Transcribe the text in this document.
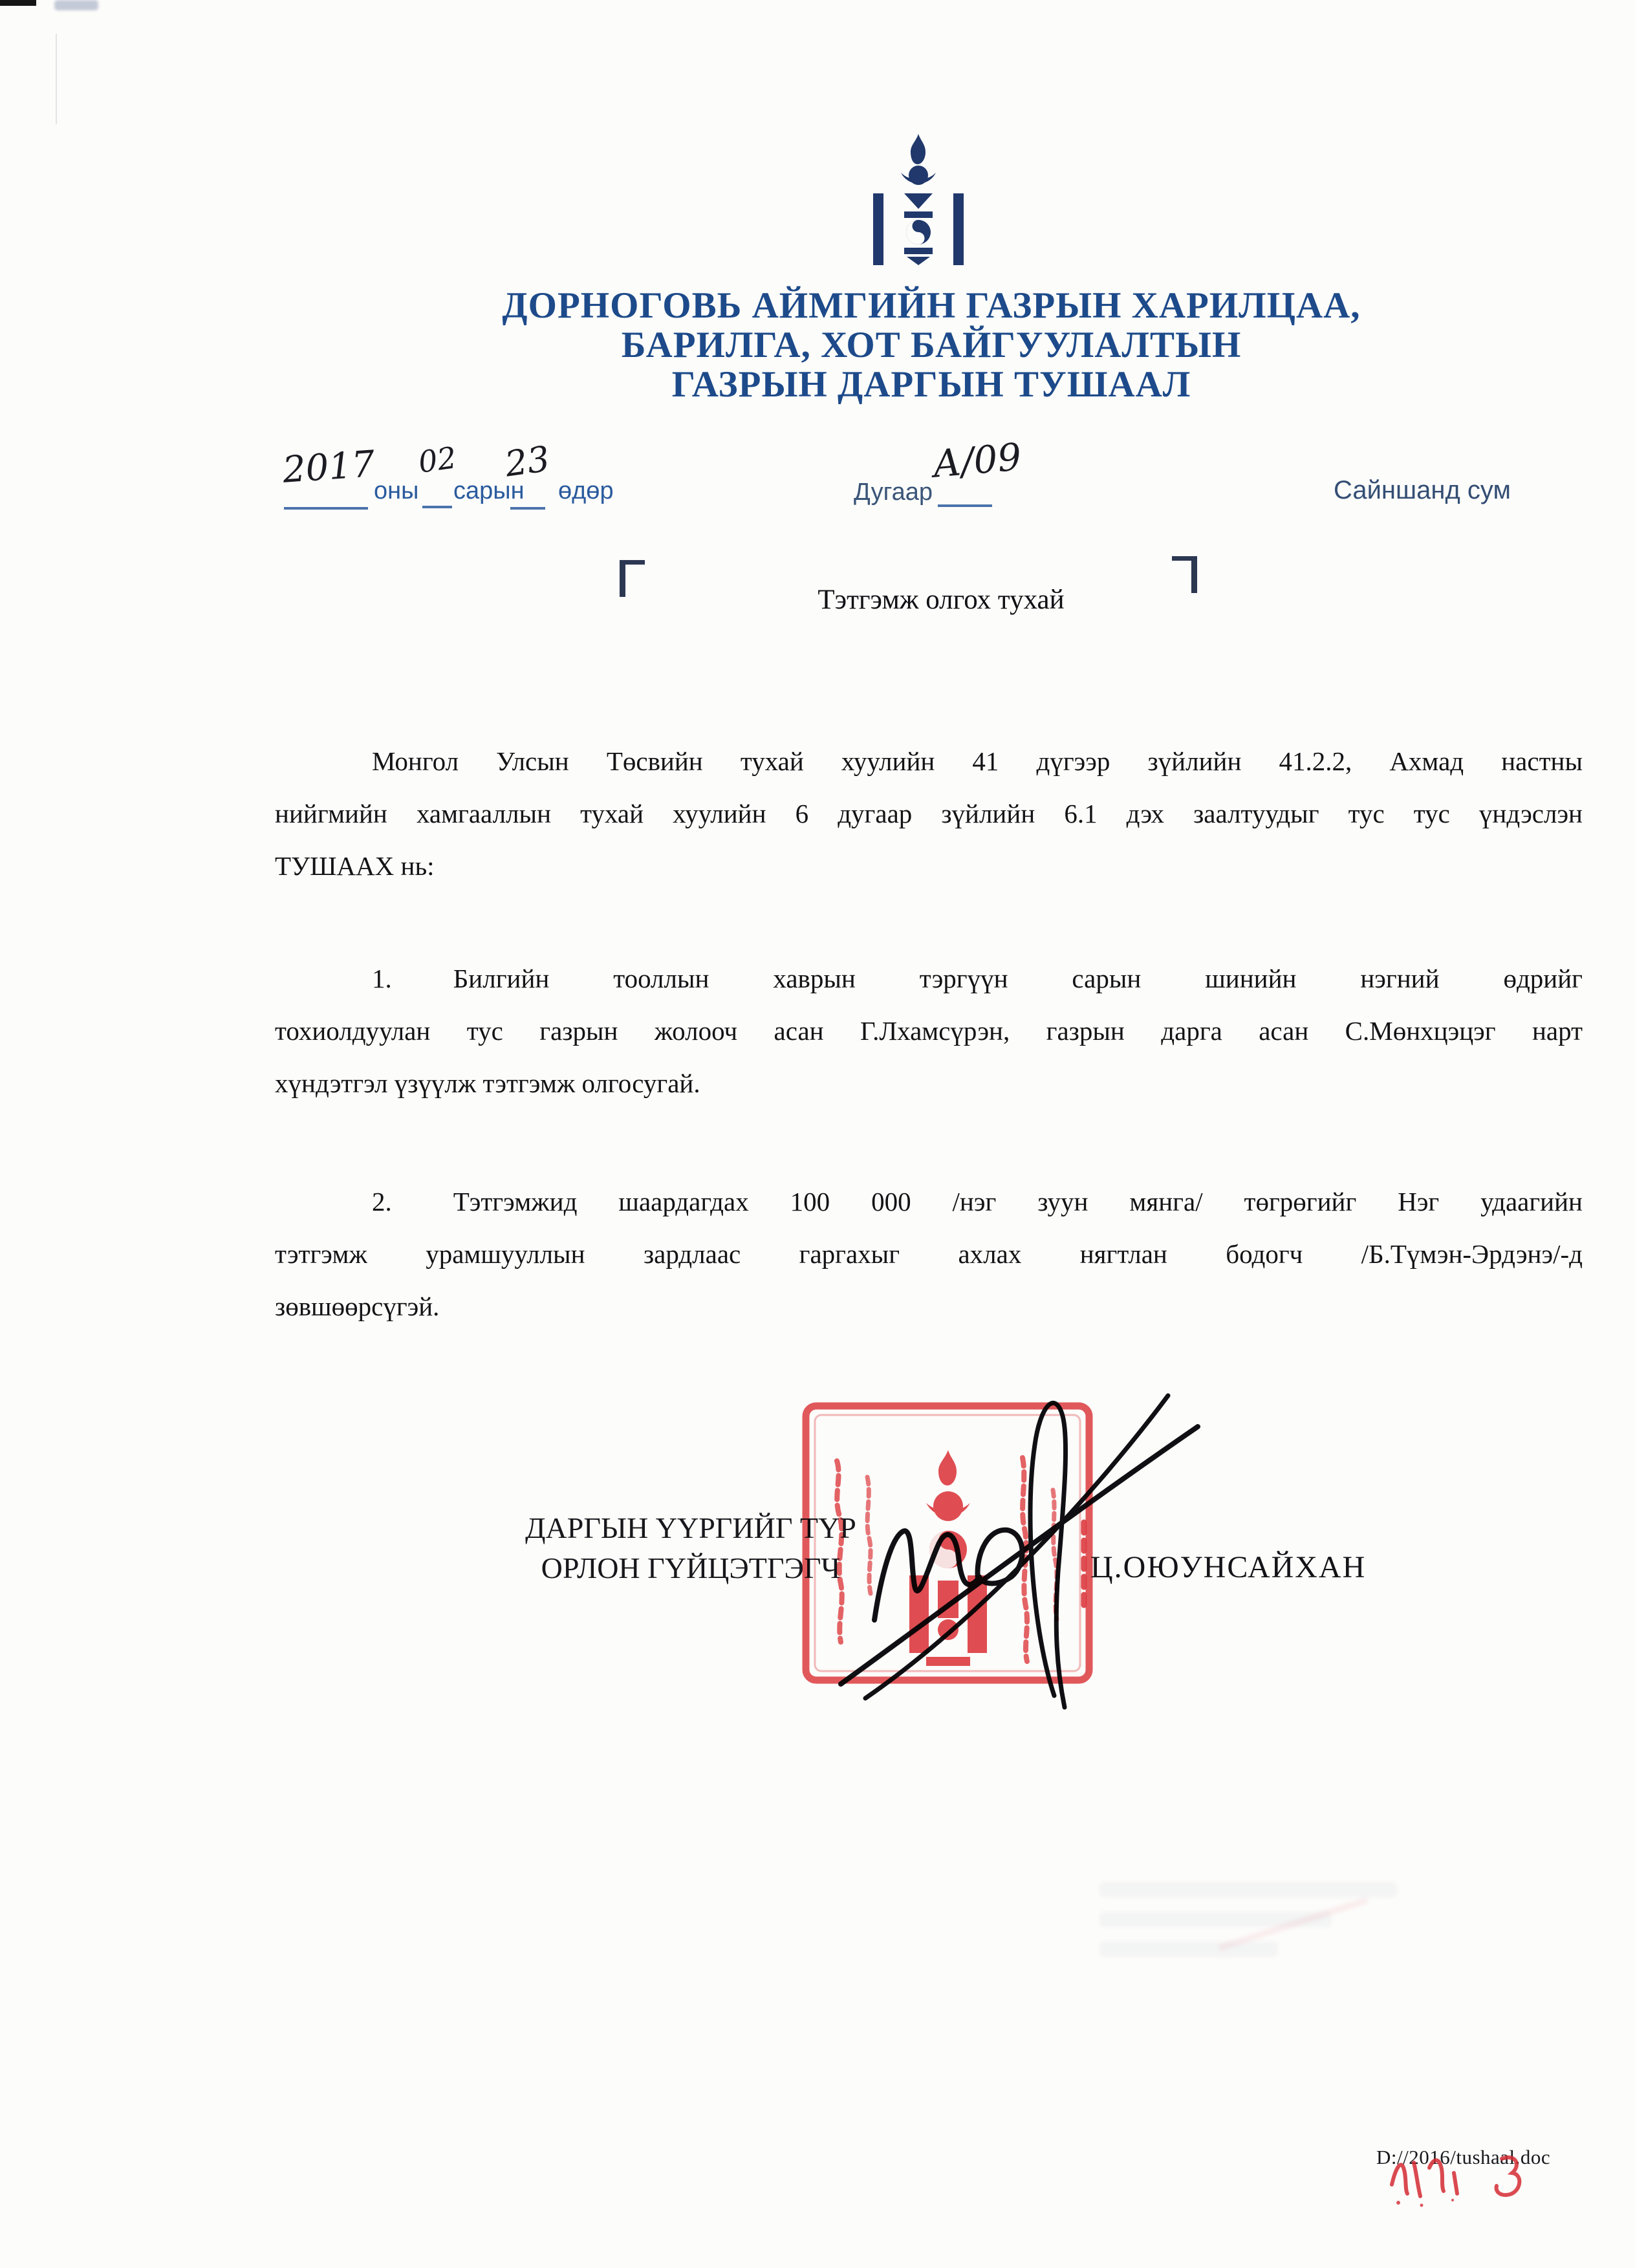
ДОРНОГОВЬ АЙМГИЙН ГАЗРЫН ХАРИЛЦАА,
БАРИЛГА, ХОТ БАЙГУУЛАЛТЫН
ГАЗРЫН ДАРГЫН ТУШААЛ
2017
оны
02
сарын
23
өдөр	Дугаар
А/09
Сайншанд сум
Тэтгэмж олгох тухай
Монгол Улсын Төсвийн тухай хуулийн 41 дүгээр зүйлийн 41.2.2, Ахмад настны
нийгмийн хамгааллын тухай хуулийн 6 дугаар зүйлийн 6.1 дэх заалтуудыг тус тус үндэслэн
ТУШААХ нь:
1. Билгийн тооллын хаврын тэргүүн сарын шинийн нэгний өдрийг
тохиолдуулан тус газрын жолооч асан Г.Лхамсүрэн, газрын дарга асан С.Мөнхцэцэг нарт
хүндэтгэл үзүүлж тэтгэмж олгосугай.
2. Тэтгэмжид шаардагдах 100 000 /нэг зуун мянга/ төгрөгийг Нэг удаагийн
тэтгэмж урамшууллын зардлаас гаргахыг ахлах нягтлан бодогч /Б.Түмэн-Эрдэнэ/-д
зөвшөөрсүгэй.
ДАРГЫН ҮҮРГИЙГ ТҮР
ОРЛОН ГҮЙЦЭТГЭГЧ	Ц.ОЮУНСАЙХАН
D://2016/tushaal.doc
